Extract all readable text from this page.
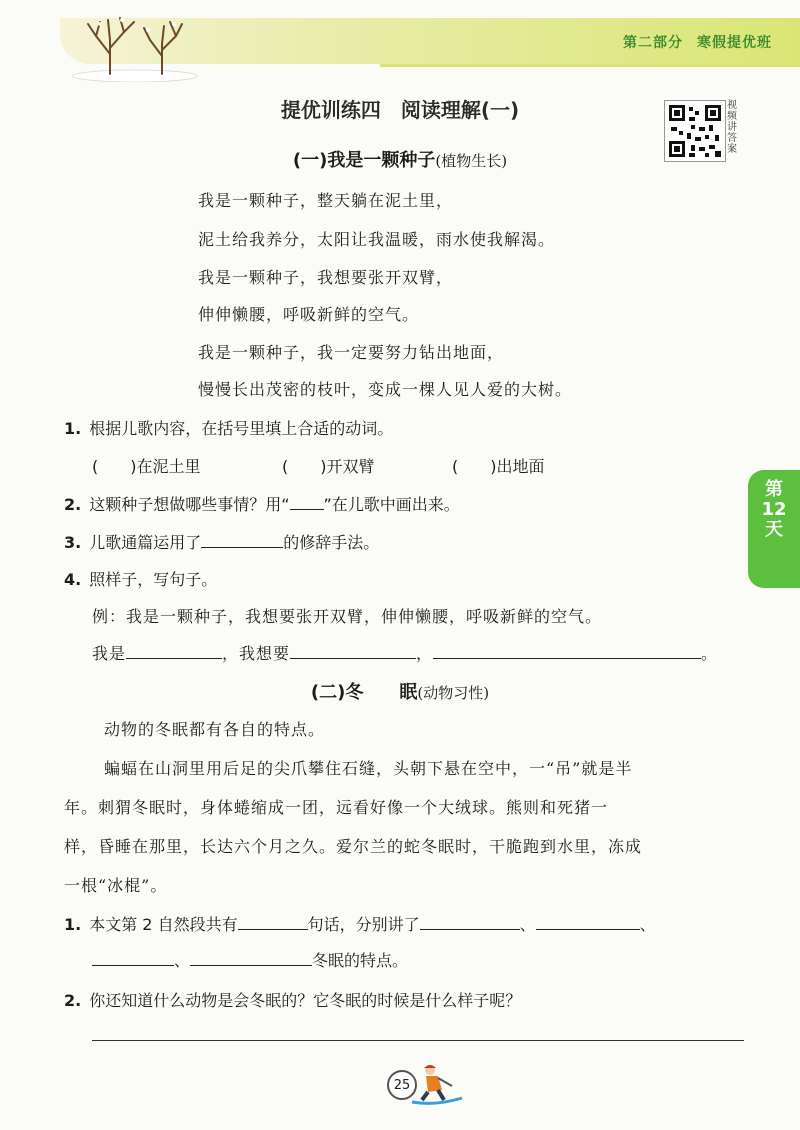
第二部分 寒假提优班
提优训练四　阅读理解(一)	视频讲答案
(一)我是一颗种子(植物生长)
我是一颗种子，整天躺在泥土里，
泥土给我养分，太阳让我温暖，雨水使我解渴。
我是一颗种子，我想要张开双臂，
伸伸懒腰，呼吸新鲜的空气。
我是一颗种子，我一定要努力钻出地面，
慢慢长出茂密的枝叶，变成一棵人见人爱的大树。
1. 根据儿歌内容，在括号里填上合适的动词。
(　　)在泥土里	(　　)开双臂	(　　)出地面
2. 这颗种子想做哪些事情？用“ ”在儿歌中画出来。
3. 儿歌通篇运用了	的修辞手法。
4. 照样子，写句子。
例：我是一颗种子，我想要张开双臂，伸伸懒腰，呼吸新鲜的空气。
我是	，我想要	，	。
第
12
天
(二)冬　　眠(动物习性)
动物的冬眠都有各自的特点。
蝙蝠在山洞里用后足的尖爪攀住石缝，头朝下悬在空中，一“吊”就是半
年。刺猬冬眠时，身体蜷缩成一团，远看好像一个大绒球。熊则和死猪一
样，昏睡在那里，长达六个月之久。爱尔兰的蛇冬眠时，干脆跑到水里，冻成
一根“冰棍”。
1. 本文第 2 自然段共有	句话，分别讲了	、	、
、	冬眠的特点。
2. 你还知道什么动物是会冬眠的？它冬眠的时候是什么样子呢？
25
